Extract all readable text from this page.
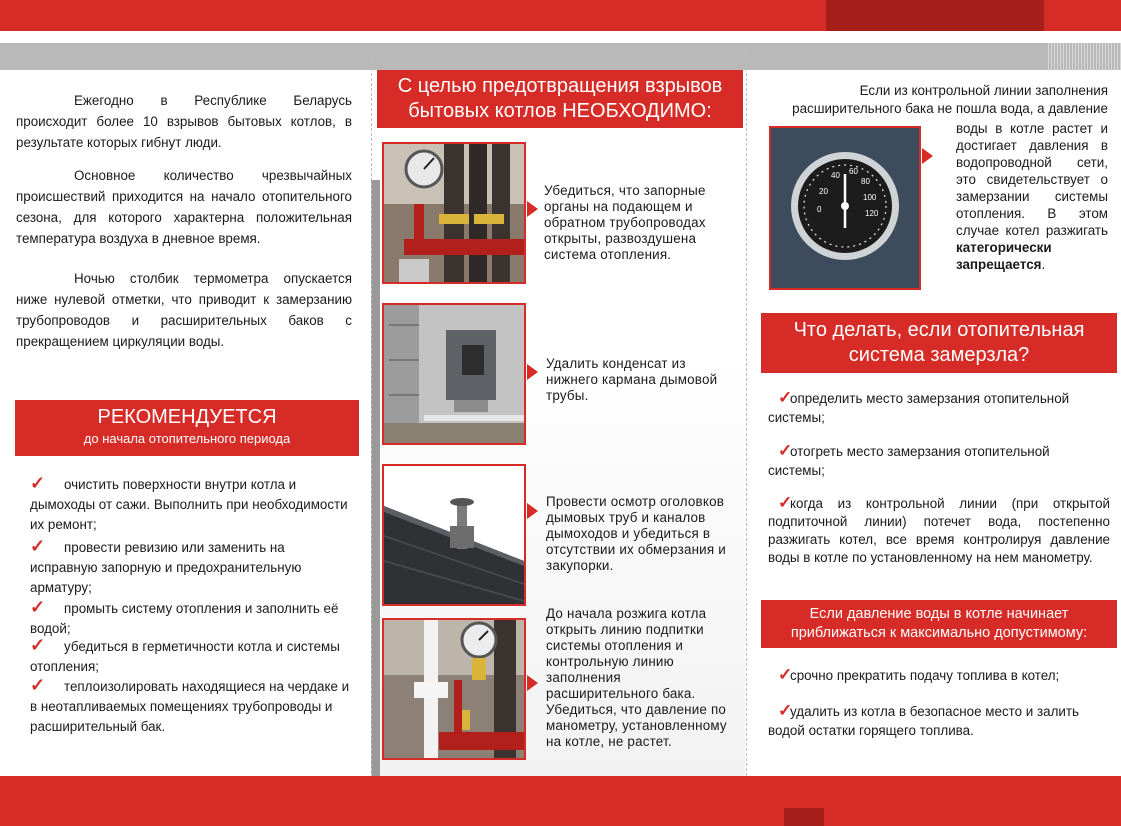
Ежегодно в Республике Беларусь происходит более 10 взрывов бытовых котлов, в результате которых гибнут люди.
Основное количество чрезвычайных происшествий приходится на начало отопительного сезона, для которого характерна положительная температура воздуха в дневное время.
Ночью столбик термометра опускается ниже нулевой отметки, что приводит к замерзанию трубопроводов и расширительных баков с прекращением циркуляции воды.
РЕКОМЕНДУЕТСЯ
до начала отопительного периода
✓ очистить поверхности внутри котла и дымоходы от сажи. Выполнить при необходимости их ремонт;
✓ провести ревизию или заменить на исправную запорную и предохранительную арматуру;
✓ промыть систему отопления и заполнить её водой;
✓ убедиться в герметичности котла и системы отопления;
✓ теплоизолировать находящиеся на чердаке и в неотапливаемых помещениях трубопроводы и расширительный бак.
С целью предотвращения взрывов бытовых котлов НЕОБХОДИМО:
Убедиться, что запорные органы на подающем и обратном трубопроводах открыты, развоздушена система отопления.
Удалить конденсат из нижнего кармана дымовой трубы.
Провести осмотр оголовков дымовых труб и каналов дымоходов и убедиться в отсутствии их обмерзания и закупорки.
До начала розжига котла открыть линию подпитки системы отопления и контрольную линию заполнения расширительного бака. Убедиться, что давление по манометру, установленному на котле, не растет.
Если из контрольной линии заполнения расширительного бака не пошла вода, а давление
20
40 60
80
100
120
0
воды в котле растет и достигает давления в водопроводной сети, это свидетельствует о замерзании системы отопления. В этом случае котел разжигать категорически запрещается.
Что делать, если отопительная система замерзла?
✓определить место замерзания отопительной системы;
✓отогреть место замерзания отопительной системы;
✓когда из контрольной линии (при открытой подпиточной линии) потечет вода, постепенно разжигать котел, все время контролируя давление воды в котле по установленному на нем манометру.
Если давление воды в котле начинает приближаться к максимально допустимому:
✓срочно прекратить подачу топлива в котел;
✓удалить из котла в безопасное место и залить водой остатки горящего топлива.
